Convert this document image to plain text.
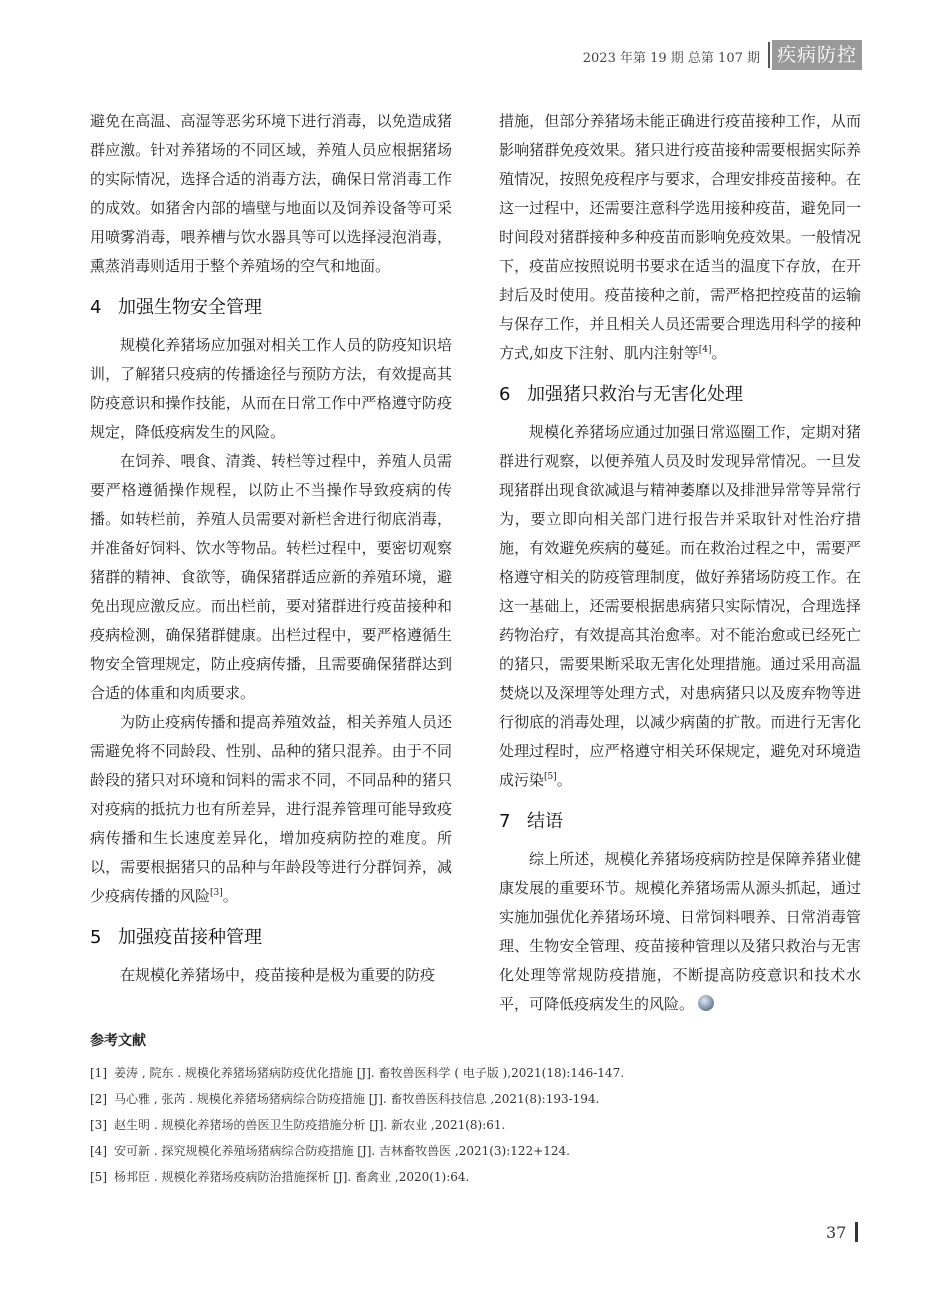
2023 年第 19 期 总第 107 期 疾病防控

避免在高温、高湿等恶劣环境下进行消毒，以免造成猪群应激。针对养猪场的不同区域，养殖人员应根据猪场的实际情况，选择合适的消毒方法，确保日常消毒工作的成效。如猪舍内部的墙壁与地面以及饲养设备等可采用喷雾消毒，喂养槽与饮水器具等可以选择浸泡消毒，熏蒸消毒则适用于整个养殖场的空气和地面。

4 加强生物安全管理

规模化养猪场应加强对相关工作人员的防疫知识培训，了解猪只疫病的传播途径与预防方法，有效提高其防疫意识和操作技能，从而在日常工作中严格遵守防疫规定，降低疫病发生的风险。

在饲养、喂食、清粪、转栏等过程中，养殖人员需要严格遵循操作规程，以防止不当操作导致疫病的传播。如转栏前，养殖人员需要对新栏舍进行彻底消毒，并准备好饲料、饮水等物品。转栏过程中，要密切观察猪群的精神、食欲等，确保猪群适应新的养殖环境，避免出现应激反应。而出栏前，要对猪群进行疫苗接种和疫病检测，确保猪群健康。出栏过程中，要严格遵循生物安全管理规定，防止疫病传播，且需要确保猪群达到合适的体重和肉质要求。

为防止疫病传播和提高养殖效益，相关养殖人员还需避免将不同龄段、性别、品种的猪只混养。由于不同龄段的猪只对环境和饲料的需求不同，不同品种的猪只对疫病的抵抗力也有所差异，进行混养管理可能导致疫病传播和生长速度差异化，增加疫病防控的难度。所以，需要根据猪只的品种与年龄段等进行分群饲养，减少疫病传播的风险[3]。

5 加强疫苗接种管理

在规模化养猪场中，疫苗接种是极为重要的防疫

措施，但部分养猪场未能正确进行疫苗接种工作，从而影响猪群免疫效果。猪只进行疫苗接种需要根据实际养殖情况，按照免疫程序与要求，合理安排疫苗接种。在这一过程中，还需要注意科学选用接种疫苗，避免同一时间段对猪群接种多种疫苗而影响免疫效果。一般情况下，疫苗应按照说明书要求在适当的温度下存放，在开封后及时使用。疫苗接种之前，需严格把控疫苗的运输与保存工作，并且相关人员还需要合理选用科学的接种方式,如皮下注射、肌内注射等[4]。

6 加强猪只救治与无害化处理

规模化养猪场应通过加强日常巡圈工作，定期对猪群进行观察，以便养殖人员及时发现异常情况。一旦发现猪群出现食欲减退与精神萎靡以及排泄异常等异常行为，要立即向相关部门进行报告并采取针对性治疗措施，有效避免疾病的蔓延。而在救治过程之中，需要严格遵守相关的防疫管理制度，做好养猪场防疫工作。在这一基础上，还需要根据患病猪只实际情况，合理选择药物治疗，有效提高其治愈率。对不能治愈或已经死亡的猪只，需要果断采取无害化处理措施。通过采用高温焚烧以及深埋等处理方式，对患病猪只以及废弃物等进行彻底的消毒处理，以减少病菌的扩散。而进行无害化处理过程时，应严格遵守相关环保规定，避免对环境造成污染[5]。

7 结语

综上所述，规模化养猪场疫病防控是保障养猪业健康发展的重要环节。规模化养猪场需从源头抓起，通过实施加强优化养猪场环境、日常饲料喂养、日常消毒管理、生物安全管理、疫苗接种管理以及猪只救治与无害化处理等常规防疫措施，不断提高防疫意识和技术水平，可降低疫病发生的风险。

参考文献
[1] 姜涛 , 院东 . 规模化养猪场猪病防疫优化措施 [J]. 畜牧兽医科学 ( 电子版 ),2021(18):146-147.
[2] 马心雅 , 张芮 . 规模化养猪场猪病综合防疫措施 [J]. 畜牧兽医科技信息 ,2021(8):193-194.
[3] 赵生明 . 规模化养猪场的兽医卫生防疫措施分析 [J]. 新农业 ,2021(8):61.
[4] 安可新 . 探究规模化养殖场猪病综合防疫措施 [J]. 吉林畜牧兽医 ,2021(3):122+124.
[5] 杨邦臣 . 规模化养猪场疫病防治措施探析 [J]. 畜禽业 ,2020(1):64.
37
